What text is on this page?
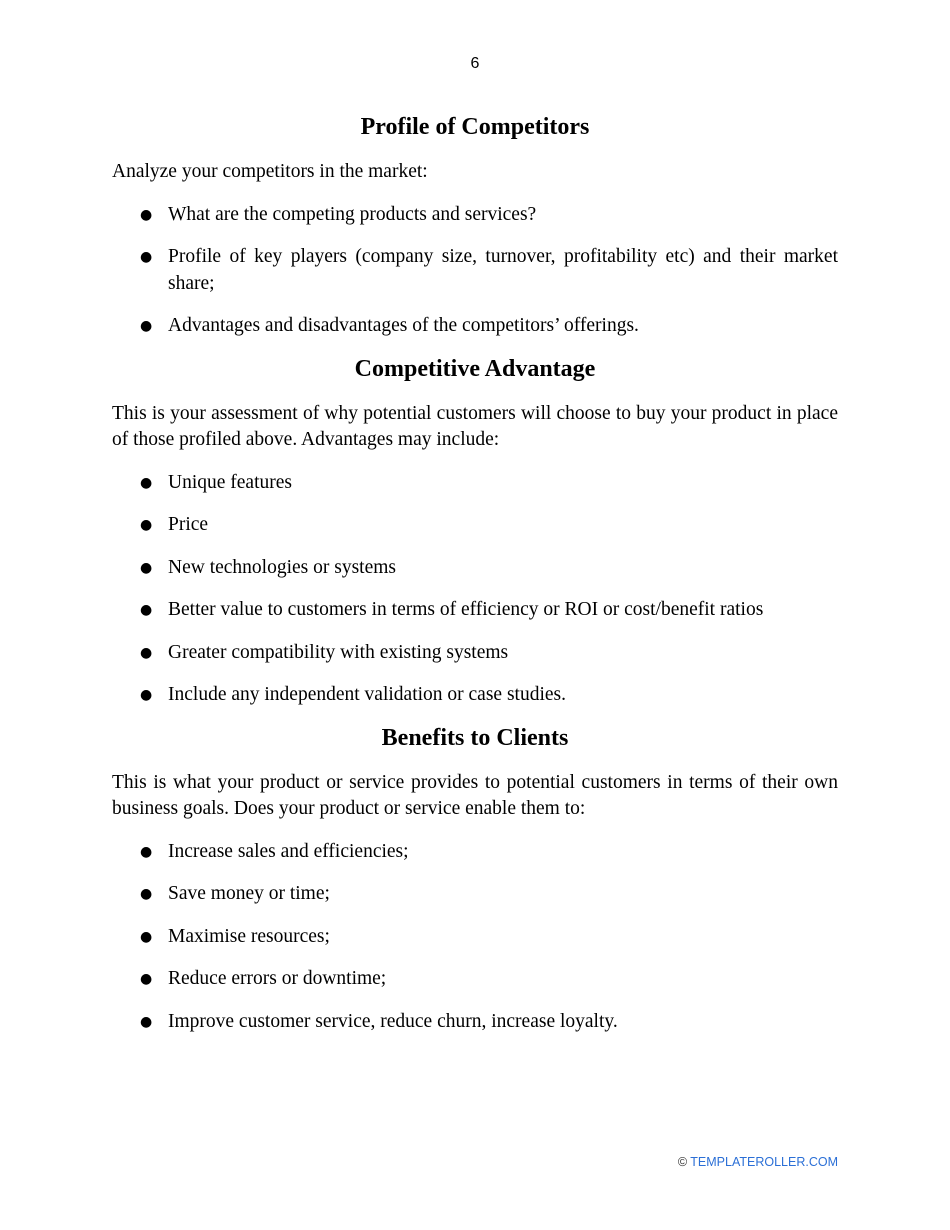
6
Profile of Competitors

Analyze your competitors in the market:

● What are the competing products and services?
● Profile of key players (company size, turnover, profitability etc) and their market share;
● Advantages and disadvantages of the competitors’ offerings.
Competitive Advantage

This is your assessment of why potential customers will choose to buy your product in place of those profiled above. Advantages may include:

● Unique features
● Price
● New technologies or systems
● Better value to customers in terms of efficiency or ROI or cost/benefit ratios
● Greater compatibility with existing systems
● Include any independent validation or case studies.
Benefits to Clients

This is what your product or service provides to potential customers in terms of their own business goals. Does your product or service enable them to:

● Increase sales and efficiencies;
● Save money or time;
● Maximise resources;
● Reduce errors or downtime;
● Improve customer service, reduce churn, increase loyalty.
© TEMPLATEROLLER.COM
